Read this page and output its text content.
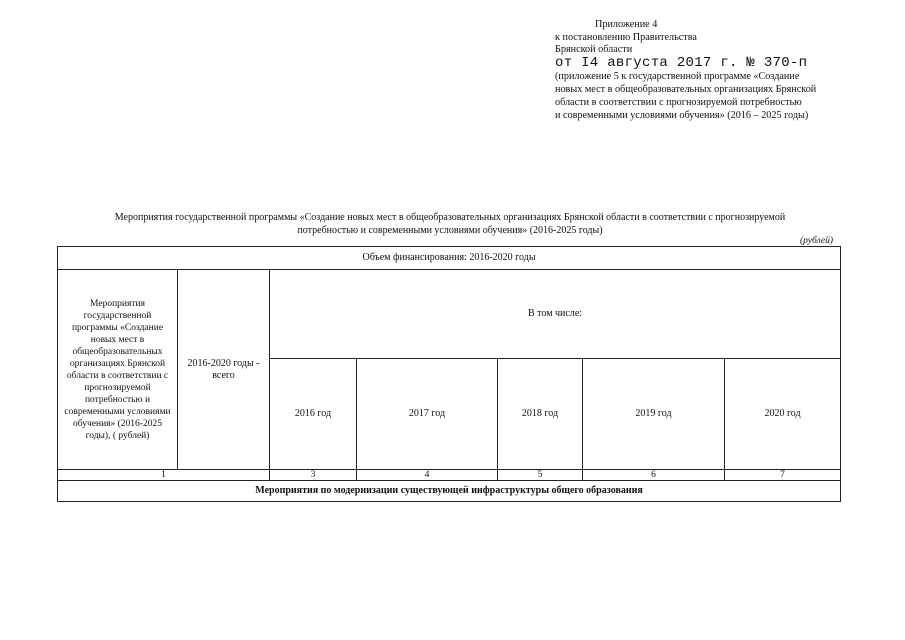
Приложение 4
к постановлению Правительства
Брянской области
от I4 августа 2017 г. № 370-п
(приложение 5 к государственной программе «Создание
новых мест в общеобразовательных организациях Брянской
области в соответствии с прогнозируемой потребностью
и современными условиями обучения» (2016 – 2025 годы)
Мероприятия государственной программы «Создание новых мест в общеобразовательных организациях Брянской области в соответствии с прогнозируемой
потребностью и современными условиями обучения» (2016-2025 годы)
(рублей)
Объем финансирования: 2016-2020 годы						
Мероприятия государственной программы «Создание новых мест в общеобразовательных организациях Брянской области в соответствии с прогнозируемой потребностью и современными условиями обучения» (2016-2025 годы), ( рублей)	2016-2020 годы - всего	В том числе:				
		2016 год	2017 год	2018 год	2019 год	2020 год
1		3	4	5	6	7
Мероприятия по модернизации существующей инфраструктуры общего образования						
